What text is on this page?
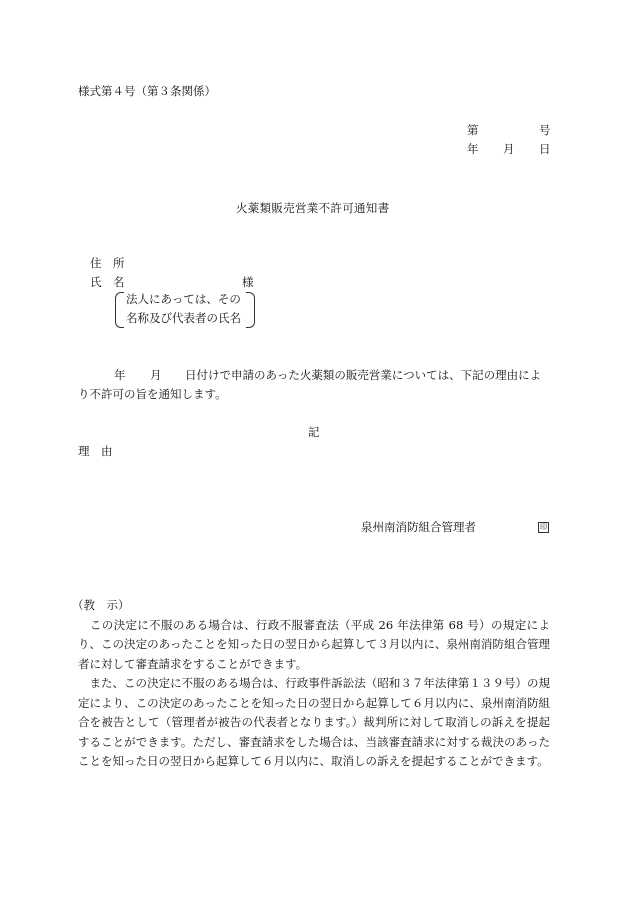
様式第４号（第３条関係）
第	号
年 月 日
火薬類販売営業不許可通知書
住　所
氏　名	様
法人にあっては、その
名称及び代表者の氏名
年 月 日付けで申請のあった火薬類の販売営業については、下記の理由によ
り不許可の旨を通知します。
記
理　由
泉州南消防組合管理者	印

（教　示）

　この決定に不服のある場合は、行政不服審査法（平成 26 年法律第 68 号）の規定により、この決定のあったことを知った日の翌日から起算して３月以内に、泉州南消防組合管理者に対して審査請求をすることができます。

　また、この決定に不服のある場合は、行政事件訴訟法（昭和３７年法律第１３９号）の規定により、この決定のあったことを知った日の翌日から起算して６月以内に、泉州南消防組合を被告として（管理者が被告の代表者となります。）裁判所に対して取消しの訴えを提起することができます。ただし、審査請求をした場合は、当該審査請求に対する裁決のあったことを知った日の翌日から起算して６月以内に、取消しの訴えを提起することができます。
